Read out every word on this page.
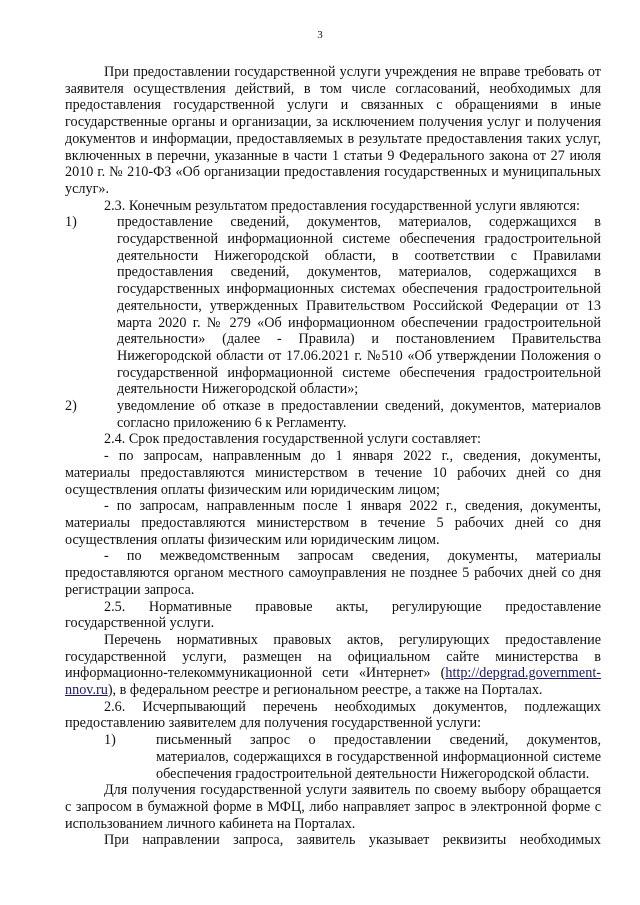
3

При предоставлении государственной услуги учреждения не вправе требовать от заявителя осуществления действий, в том числе согласований, необходимых для предоставления государственной услуги и связанных с обращениями в иные государственные органы и организации, за исключением получения услуг и получения документов и информации, предоставляемых в результате предоставления таких услуг, включенных в перечни, указанные в части 1 статьи 9 Федерального закона от 27 июля 2010 г. № 210-ФЗ «Об организации предоставления государственных и муниципальных услуг».

2.3. Конечным результатом предоставления государственной услуги являются:

1)	предоставление сведений, документов, материалов, содержащихся в государственной информационной системе обеспечения градостроительной деятельности Нижегородской области, в соответствии с Правилами предоставления сведений, документов, материалов, содержащихся в государственных информационных системах обеспечения градостроительной деятельности, утвержденных Правительством Российской Федерации от 13 марта 2020 г. № 279 «Об информационном обеспечении градостроительной деятельности» (далее - Правила) и постановлением Правительства Нижегородской области от 17.06.2021 г. №510 «Об утверждении Положения о государственной информационной системе обеспечения градостроительной деятельности Нижегородской области»;
2)	уведомление об отказе в предоставлении сведений, документов, материалов согласно приложению 6 к Регламенту.

2.4. Срок предоставления государственной услуги составляет:

- по запросам, направленным до 1 января 2022 г., сведения, документы, материалы предоставляются министерством в течение 10 рабочих дней со дня осуществления оплаты физическим или юридическим лицом;

- по запросам, направленным после 1 января 2022 г., сведения, документы, материалы предоставляются министерством в течение 5 рабочих дней со дня осуществления оплаты физическим или юридическим лицом.

- по межведомственным запросам сведения, документы, материалы предоставляются органом местного самоуправления не позднее 5 рабочих дней со дня регистрации запроса.

2.5. Нормативные правовые акты, регулирующие предоставление государственной услуги.

Перечень нормативных правовых актов, регулирующих предоставление государственной услуги, размещен на официальном сайте министерства в информационно-телекоммуникационной сети «Интернет» (http://depgrad.government-nnov.ru), в федеральном реестре и региональном реестре, а также на Порталах.

2.6. Исчерпывающий перечень необходимых документов, подлежащих предоставлению заявителем для получения государственной услуги:

1)	письменный запрос о предоставлении сведений, документов, материалов, содержащихся в государственной информационной системе обеспечения градостроительной деятельности Нижегородской области.

Для получения государственной услуги заявитель по своему выбору обращается с запросом в бумажной форме в МФЦ, либо направляет запрос в электронной форме с использованием личного кабинета на Порталах.

При направлении запроса, заявитель указывает реквизиты необходимых
